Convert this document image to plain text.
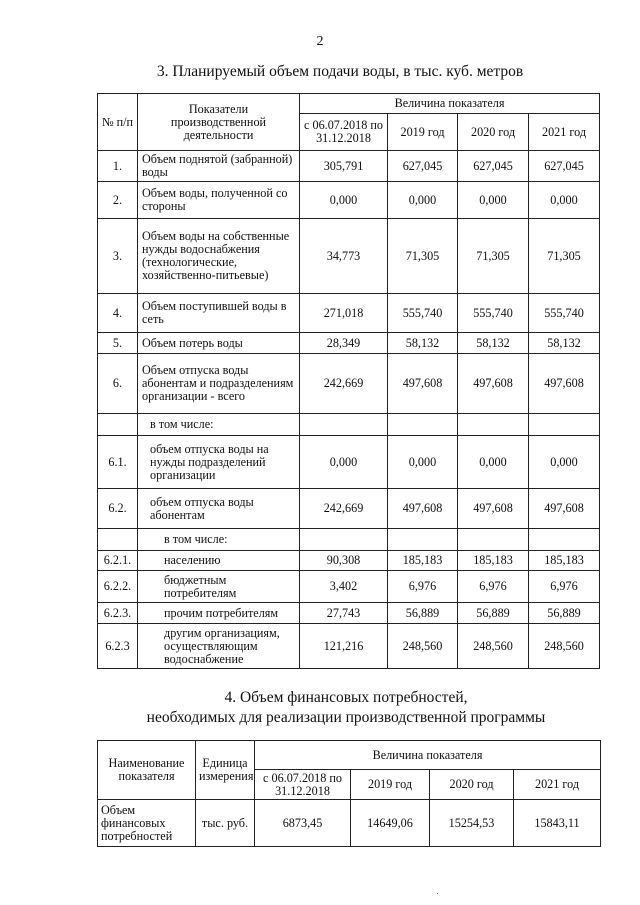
2
3. Планируемый объем подачи воды, в тыс. куб. метров
№ п/п	Показатели производственной деятельности	Величина показателя			
		с 06.07.2018 по 31.12.2018	2019 год	2020 год	2021 год
1.	Объем поднятой (забранной) воды	305,791	627,045	627,045	627,045
2.	Объем воды, полученной со стороны	0,000	0,000	0,000	0,000
3.	Объем воды на собственные нужды водоснабжения (технологические, хозяйственно-питьевые)	34,773	71,305	71,305	71,305
4.	Объем поступившей воды в сеть	271,018	555,740	555,740	555,740
5.	Объем потерь воды	28,349	58,132	58,132	58,132
6.	Объем отпуска воды абонентам и подразделениям организации - всего	242,669	497,608	497,608	497,608
	в том числе:				
6.1.	объем отпуска воды на нужды подразделений организации	0,000	0,000	0,000	0,000
6.2.	объем отпуска воды абонентам	242,669	497,608	497,608	497,608
	в том числе:				
6.2.1.	населению	90,308	185,183	185,183	185,183
6.2.2.	бюджетным потребителям	3,402	6,976	6,976	6,976
6.2.3.	прочим потребителям	27,743	56,889	56,889	56,889
6.2.3	другим организациям, осуществляющим водоснабжение	121,216	248,560	248,560	248,560
4. Объем финансовых потребностей,
необходимых для реализации производственной программы
Наименование показателя	Единица измерения	Величина показателя			
		с 06.07.2018 по 31.12.2018	2019 год	2020 год	2021 год
Объем финансовых потребностей	тыс. руб.	6873,45	14649,06	15254,53	15843,11
